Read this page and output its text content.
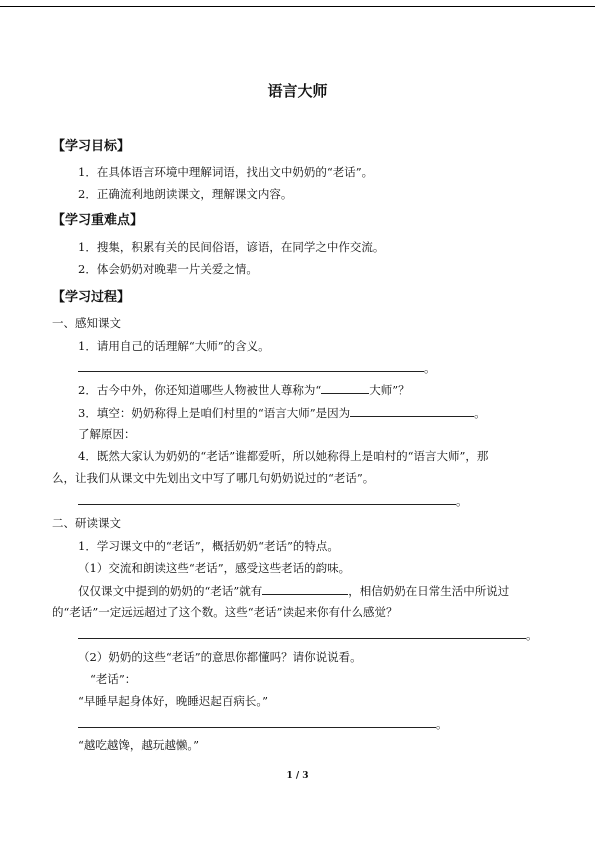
语言大师
【学习目标】
1．在具体语言环境中理解词语，找出文中奶奶的“老话”。
2．正确流利地朗读课文，理解课文内容。
【学习重难点】
1．搜集，积累有关的民间俗语，谚语，在同学之中作交流。
2．体会奶奶对晚辈一片关爱之情。
【学习过程】
一、感知课文
1．请用自己的话理解“大师”的含义。
。
2．古今中外，你还知道哪些人物被世人尊称为“	大师”？
3．填空：奶奶称得上是咱们村里的“语言大师”是因为	。
了解原因：
4．既然大家认为奶奶的“老话”谁都爱听，所以她称得上是咱村的“语言大师”，那
么，让我们从课文中先划出文中写了哪几句奶奶说过的“老话”。
。
二、研读课文
1．学习课文中的“老话”，概括奶奶“老话”的特点。
（1）交流和朗读这些“老话”，感受这些老话的韵味。
仅仅课文中提到的奶奶的“老话”就有	，相信奶奶在日常生活中所说过
的“老话”一定远远超过了这个数。这些“老话”读起来你有什么感觉？
。
（2）奶奶的这些“老话”的意思你都懂吗？请你说说看。
“老话”：
“早睡早起身体好，晚睡迟起百病长。”
。
“越吃越馋，越玩越懒。”
1 / 3
